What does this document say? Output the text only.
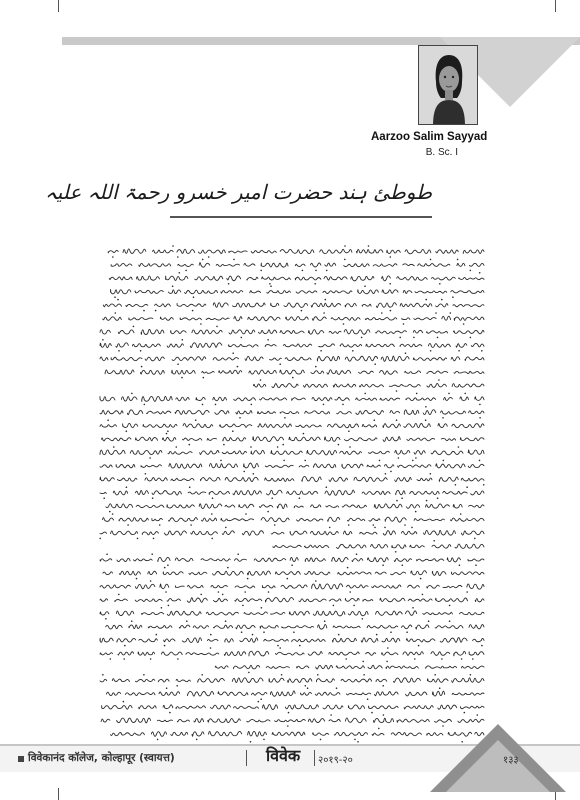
Aarzoo Salim Sayyad
B. Sc. I
طوطئ ہند حضرت امیر خسرو رحمۃ اللہ علیہ
विवेकानंद कॉलेज, कोल्हापूर (स्वायत्त)	विवेक २०१९-२०	१३३
